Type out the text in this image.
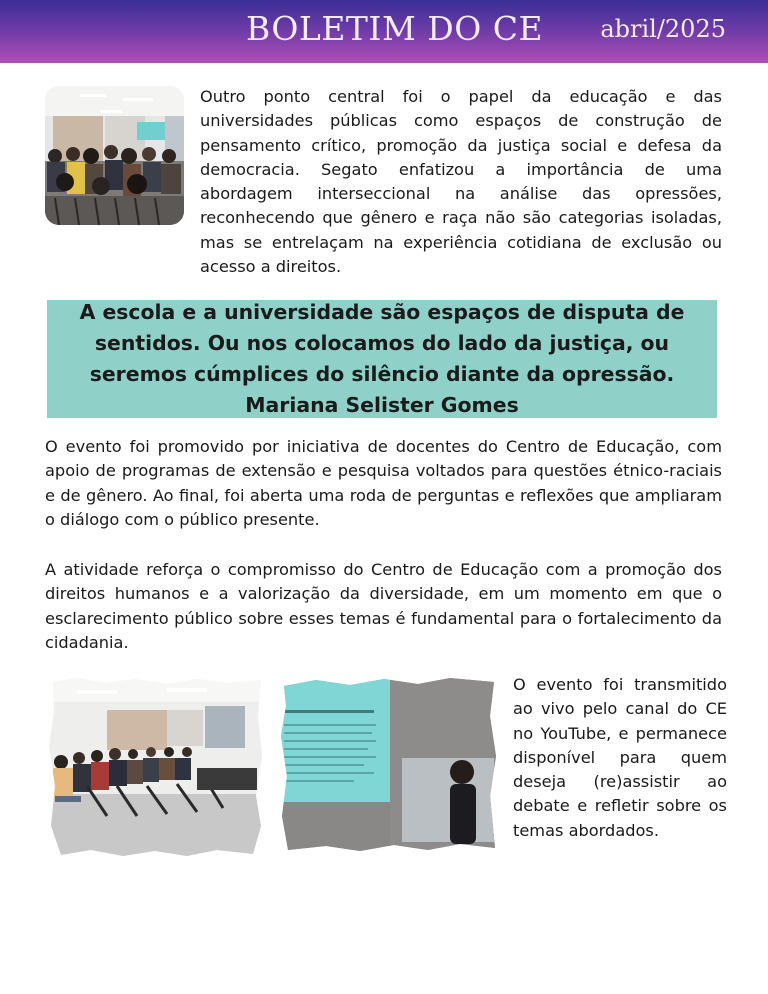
BOLETIM DO CE abril/2025

Outro ponto central foi o papel da educação e das universidades públicas como espaços de construção de pensamento crítico, promoção da justiça social e defesa da democracia. Segato enfatizou a importância de uma abordagem interseccional na análise das opressões, reconhecendo que gênero e raça não são categorias isoladas, mas se entrelaçam na experiência cotidiana de exclusão ou acesso a direitos.

A escola e a universidade são espaços de disputa de sentidos. Ou nos colocamos do lado da justiça, ou seremos cúmplices do silêncio diante da opressão. Mariana Selister Gomes

O evento foi promovido por iniciativa de docentes do Centro de Educação, com apoio de programas de extensão e pesquisa voltados para questões étnico-raciais e de gênero. Ao final, foi aberta uma roda de perguntas e reflexões que ampliaram o diálogo com o público presente.

A atividade reforça o compromisso do Centro de Educação com a promoção dos direitos humanos e a valorização da diversidade, em um momento em que o esclarecimento público sobre esses temas é fundamental para o fortalecimento da cidadania.

O evento foi transmitido ao vivo pelo canal do CE no YouTube, e permanece disponível para quem deseja (re)assistir ao debate e refletir sobre os temas abordados.
